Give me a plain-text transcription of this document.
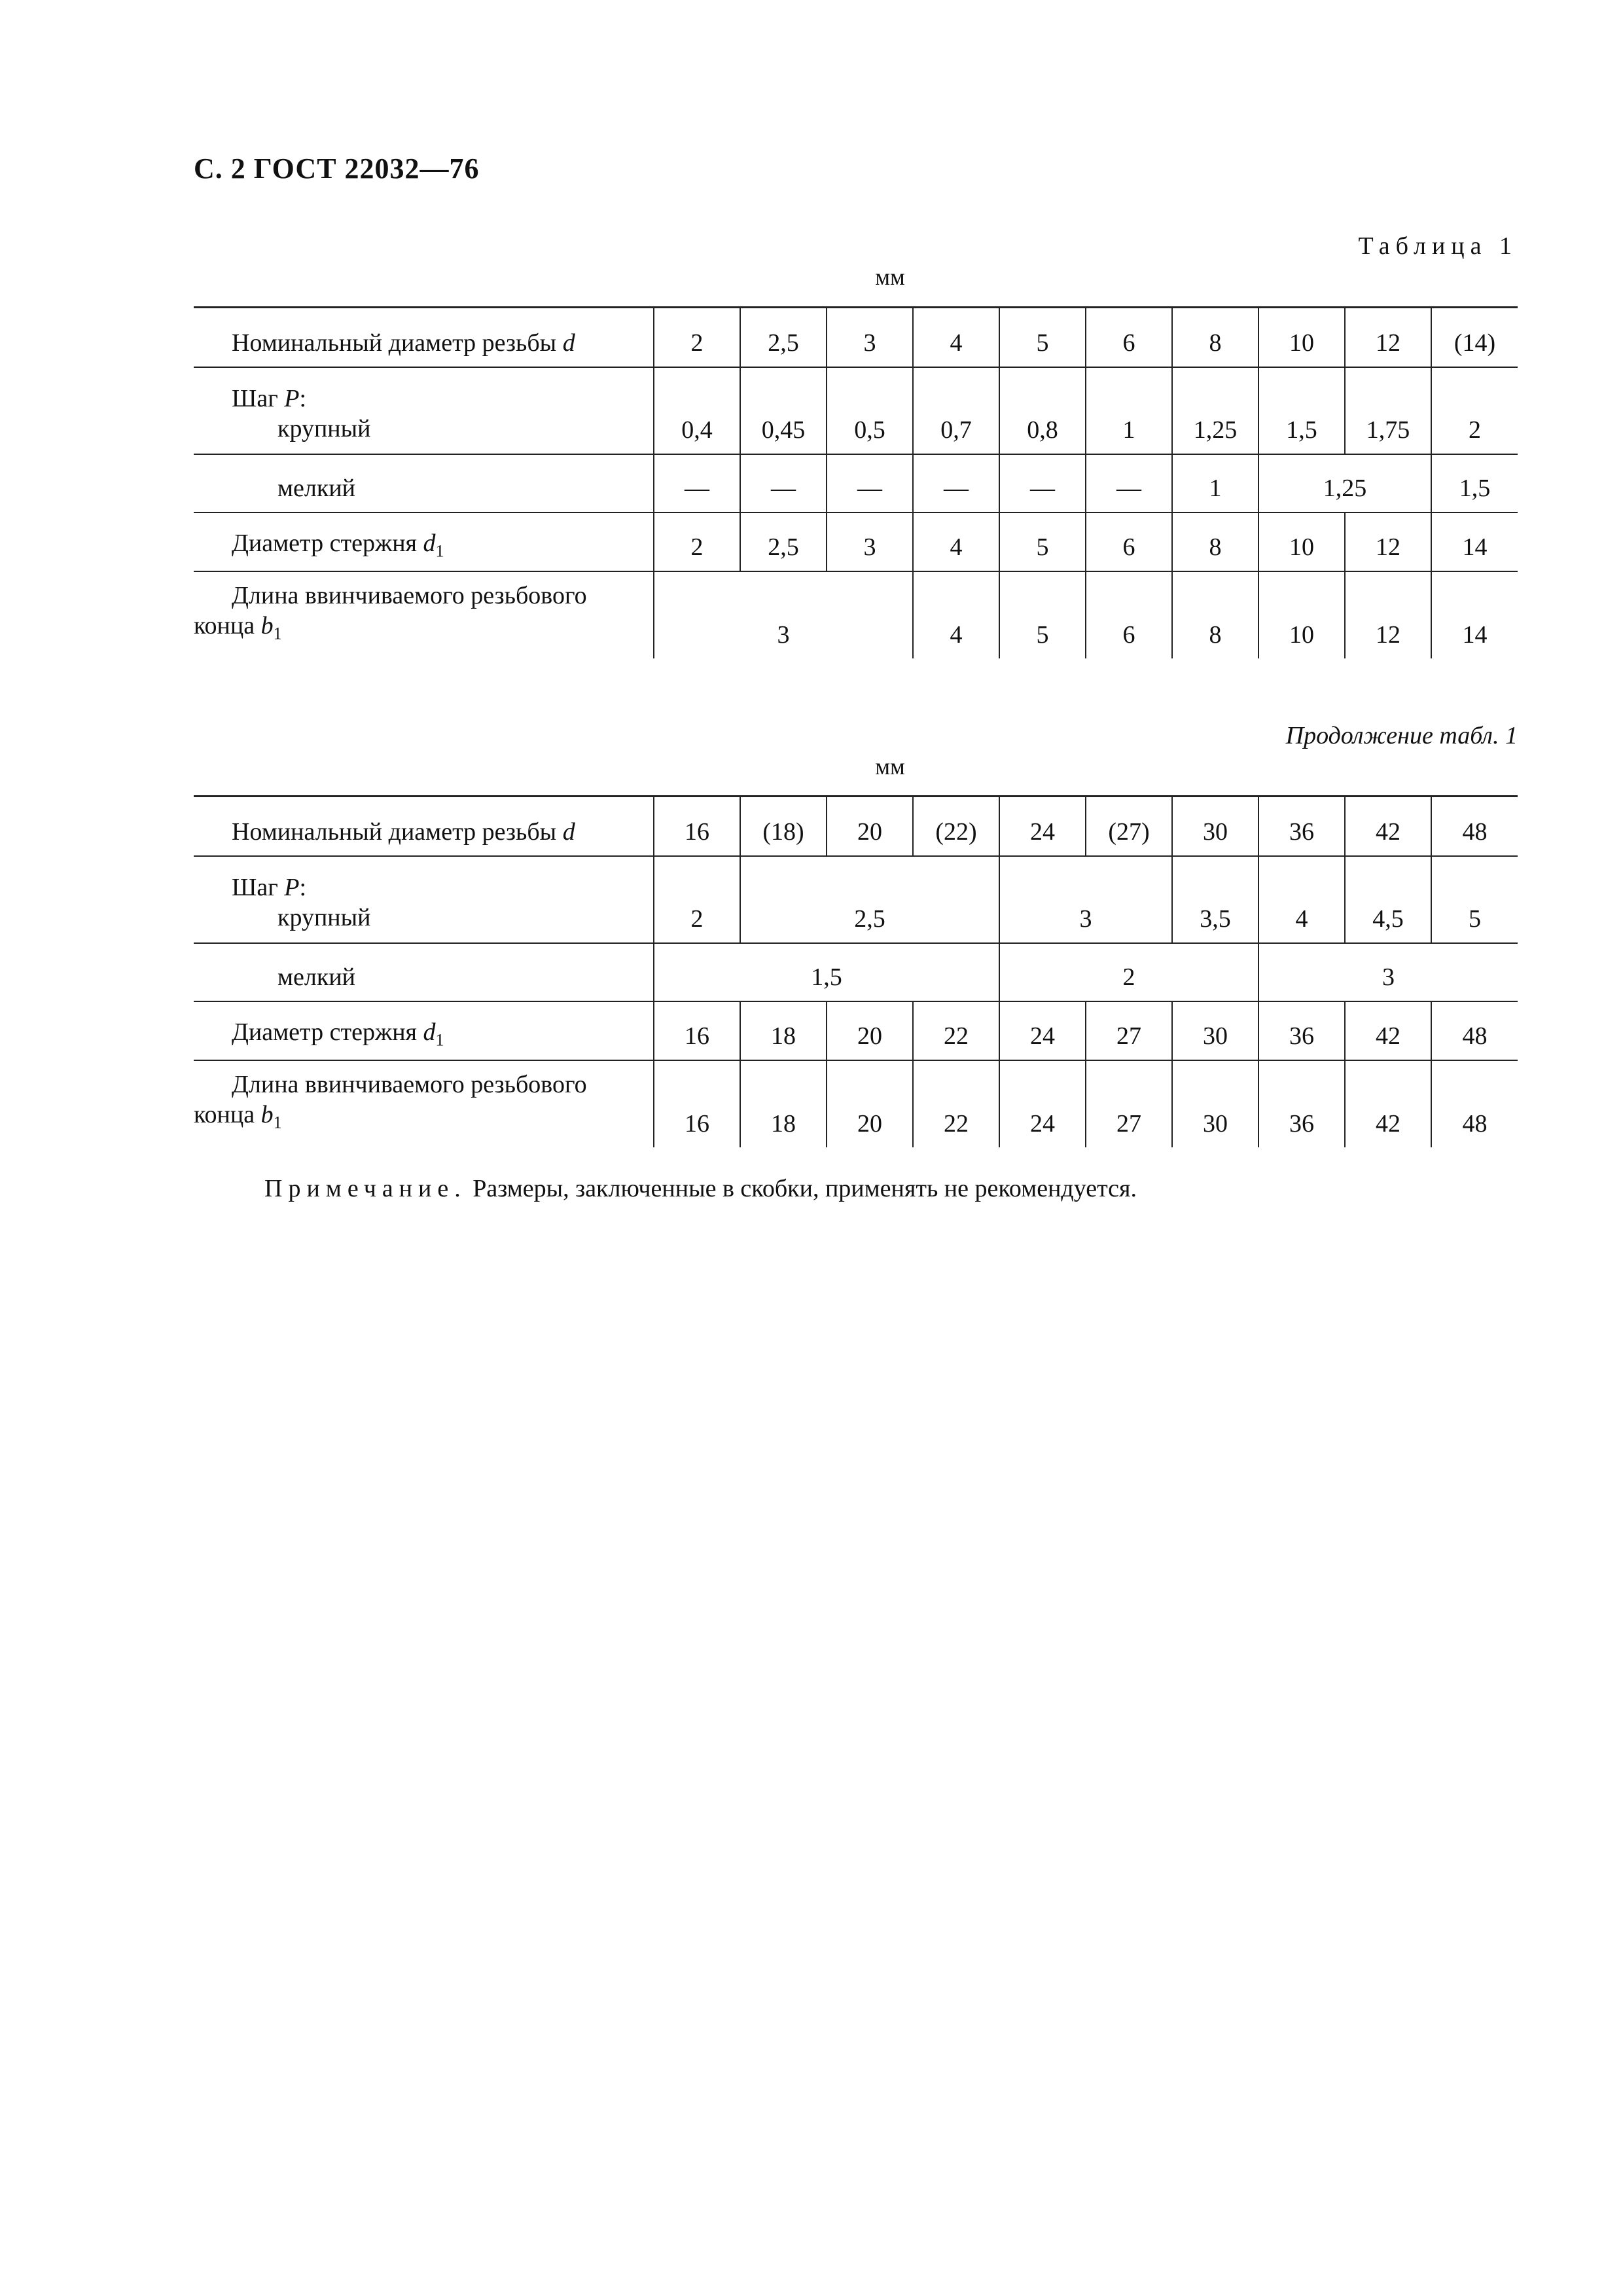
С. 2 ГОСТ 22032—76
Таблица 1
мм
Номинальный диаметр резьбы d	2	2,5	3	4	5	6	8	10	12	(14)

Шаг P:
крупный	0,4	0,45	0,5	0,7	0,8	1	1,25	1,5	1,75	2
мелкий	—	—	—	—	—	—	1	1,25		1,5
Диаметр стержня $d_1$	2	2,5	3	4	5	6	8	10	12	14

Длина ввинчиваемого резьбового
конца $b_1$	3			4	5	6	8	10	12	14
Продолжение табл. 1
мм
Номинальный диаметр резьбы d	16	(18)	20	(22)	24	(27)	30	36	42	48

Шаг P:
крупный	2	2,5			3		3,5	4	4,5	5
мелкий	1,5				2			3		
Диаметр стержня $d_1$	16	18	20	22	24	27	30	36	42	48

Длина ввинчиваемого резьбового
конца $b_1$	16	18	20	22	24	27	30	36	42	48
Примечание. Размеры, заключенные в скобки, применять не рекомендуется.
